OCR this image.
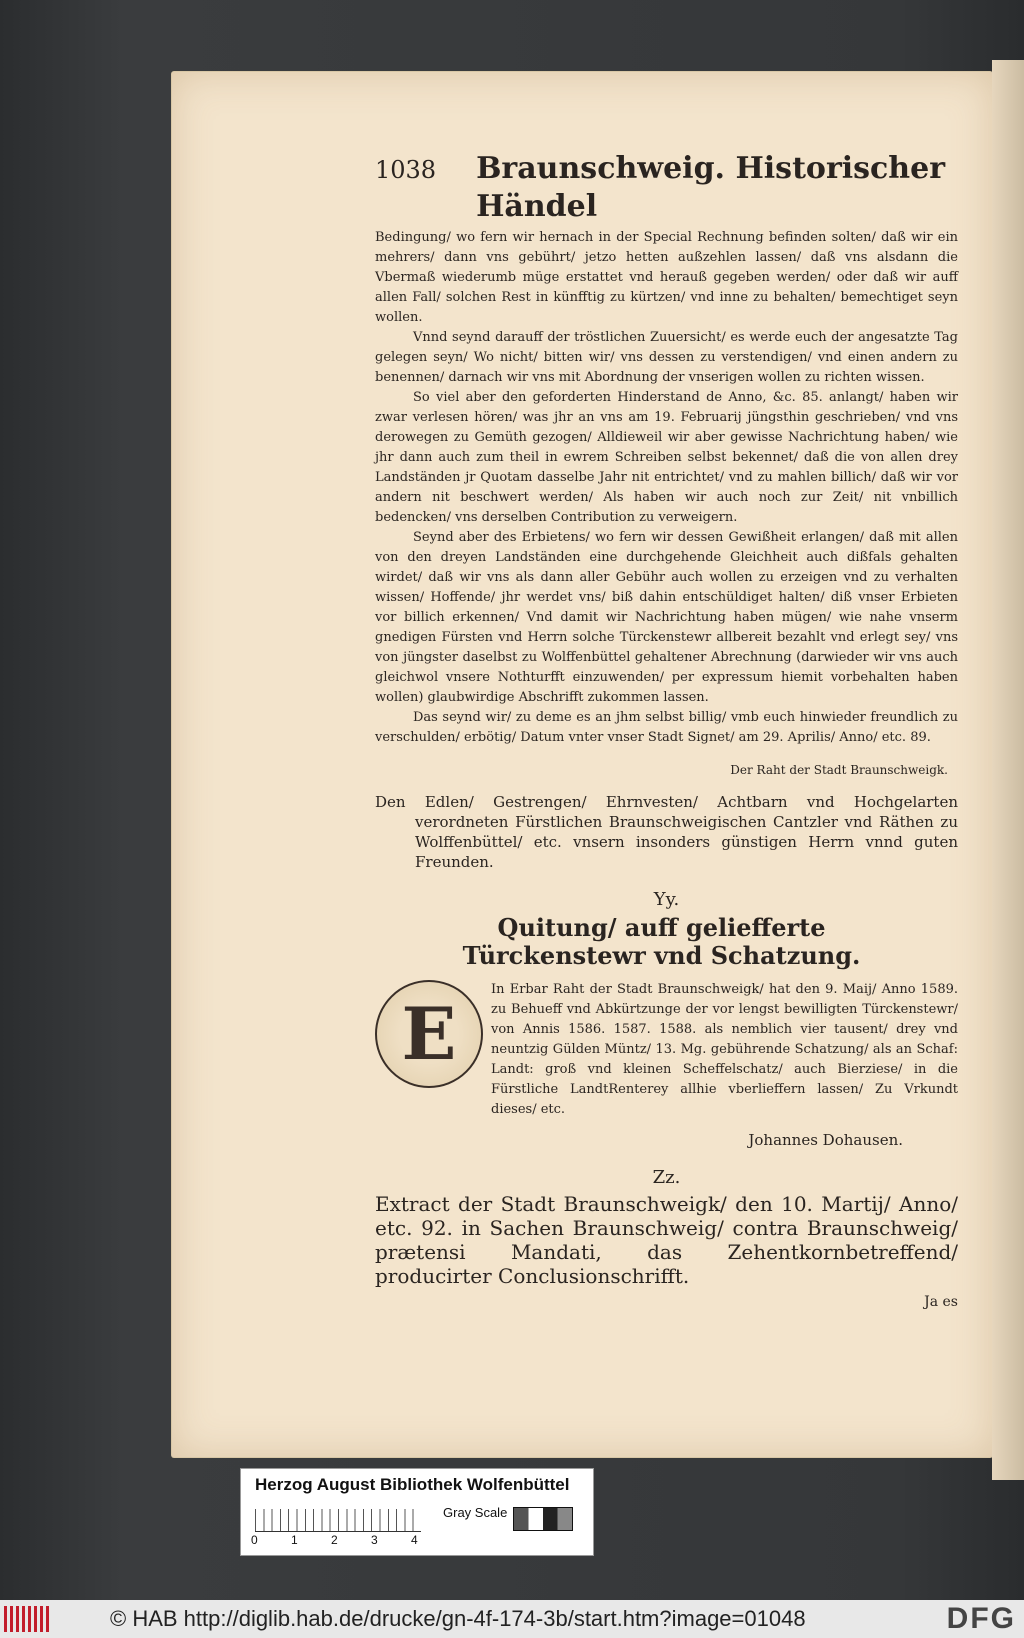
1038 Braunschweig. Historischer Händel

Bedingung/ wo fern wir hernach in der Special Rechnung befinden solten/ daß wir ein mehrers/ dann vns gebührt/ jetzo hetten außzehlen lassen/ daß vns alsdann die Vbermaß wiederumb müge erstattet vnd herauß gegeben werden/ oder daß wir auff allen Fall/ solchen Rest in künfftig zu kürtzen/ vnd inne zu behalten/ bemechtiget seyn wollen.

Vnnd seynd darauff der tröstlichen Zuuersicht/ es werde euch der angesatzte Tag gelegen seyn/ Wo nicht/ bitten wir/ vns dessen zu verstendigen/ vnd einen andern zu benennen/ darnach wir vns mit Abordnung der vnserigen wollen zu richten wissen.

So viel aber den geforderten Hinderstand de Anno, &c. 85. anlangt/ haben wir zwar verlesen hören/ was jhr an vns am 19. Februarij jüngsthin geschrieben/ vnd vns derowegen zu Gemüth gezogen/ Alldieweil wir aber gewisse Nachrichtung haben/ wie jhr dann auch zum theil in ewrem Schreiben selbst bekennet/ daß die von allen drey Landständen jr Quotam dasselbe Jahr nit entrichtet/ vnd zu mahlen billich/ daß wir vor andern nit beschwert werden/ Als haben wir auch noch zur Zeit/ nit vnbillich bedencken/ vns derselben Contribution zu verweigern.

Seynd aber des Erbietens/ wo fern wir dessen Gewißheit erlangen/ daß mit allen von den dreyen Landständen eine durchgehende Gleichheit auch dißfals gehalten wirdet/ daß wir vns als dann aller Gebühr auch wollen zu erzeigen vnd zu verhalten wissen/ Hoffende/ jhr werdet vns/ biß dahin entschüldiget halten/ diß vnser Erbieten vor billich erkennen/ Vnd damit wir Nachrichtung haben mügen/ wie nahe vnserm gnedigen Fürsten vnd Herrn solche Türckenstewr allbereit bezahlt vnd erlegt sey/ vns von jüngster daselbst zu Wolffenbüttel gehaltener Abrechnung (darwieder wir vns auch gleichwol vnsere Nothturfft einzuwenden/ per expressum hiemit vorbehalten haben wollen) glaubwirdige Abschrifft zukommen lassen.

Das seynd wir/ zu deme es an jhm selbst billig/ vmb euch hinwieder freundlich zu verschulden/ erbötig/ Datum vnter vnser Stadt Signet/ am 29. Aprilis/ Anno/ etc. 89.

Der Raht der Stadt Braunschweigk.

Den Edlen/ Gestrengen/ Ehrnvesten/ Achtbarn vnd Hochgelarten verordneten Fürstlichen Braunschweigischen Cantzler vnd Räthen zu Wolffenbüttel/ etc. vnsern insonders günstigen Herrn vnnd guten Freunden.

Yy.
Quitung/ auff geliefferte Türckenstewr vnd Schatzung.
E
In Erbar Raht der Stadt Braunschweigk/ hat den 9. Maij/ Anno 1589. zu Behueff vnd Abkürtzunge der vor lengst bewilligten Türckenstewr/ von Annis 1586. 1587. 1588. als nemblich vier tausent/ drey vnd neuntzig Gülden Müntz/ 13. Mg. gebührende Schatzung/ als an Schaf: Landt: groß vnd kleinen Scheffelschatz/ auch Bierziese/ in die Fürstliche LandtRenterey allhie vberlieffern lassen/ Zu Vrkundt dieses/ etc.
Johannes Dohausen.
Zz.

Extract der Stadt Braunschweigk/ den 10. Martij/ Anno/ etc. 92. in Sachen Braunschweig/ contra Braunschweig/ prætensi Mandati, das Zehentkornbetreffend/ producirter Conclusionschrifft.

Ja es
Herzog August Bibliothek Wolfenbüttel
0	1	2	3	4
Gray Scale
© HAB http://diglib.hab.de/drucke/gn-4f-174-3b/start.htm?image=01048	DFG
